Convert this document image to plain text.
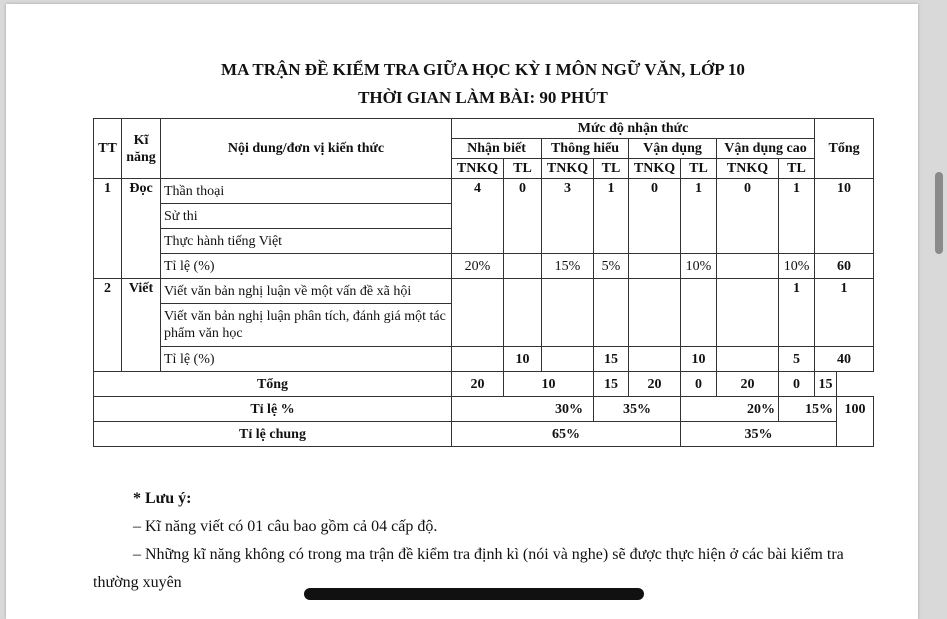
MA TRẬN ĐỀ KIỂM TRA GIỮA HỌC KỲ I MÔN NGỮ VĂN, LỚP 10
THỜI GIAN LÀM BÀI: 90 PHÚT
TT	Kĩ năng	Nội dung/đơn vị kiến thức	Mức độ nhận thức								Tổng	
			Nhận biết		Thông hiểu		Vận dụng		Vận dụng cao			
			TNKQ	TL	TNKQ	TL	TNKQ	TL	TNKQ	TL		
1	Đọc	Thần thoại	4	0	3	1	0	1	0	1	10	
		Sử thi										
		Thực hành tiếng Việt										
		Tỉ lệ (%)	20%		15%	5%		10%		10%	60	
2	Viết	Viết văn bản nghị luận về một vấn đề xã hội								1	1	
		Viết văn bản nghị luận phân tích, đánh giá một tác phẩm văn học										
		Tỉ lệ (%)		10		15		10		5	40	
Tổng			20	10		15	20	0	20	0	15	
Tỉ lệ %			30%			35%		20%		15%		100
Tỉ lệ chung			65%					35%				
* Lưu ý:
– Kĩ năng viết có 01 câu bao gồm cả 04 cấp độ.
– Những kĩ năng không có trong ma trận đề kiểm tra định kì (nói và nghe) sẽ được thực hiện ở các bài kiểm tra thường xuyên
